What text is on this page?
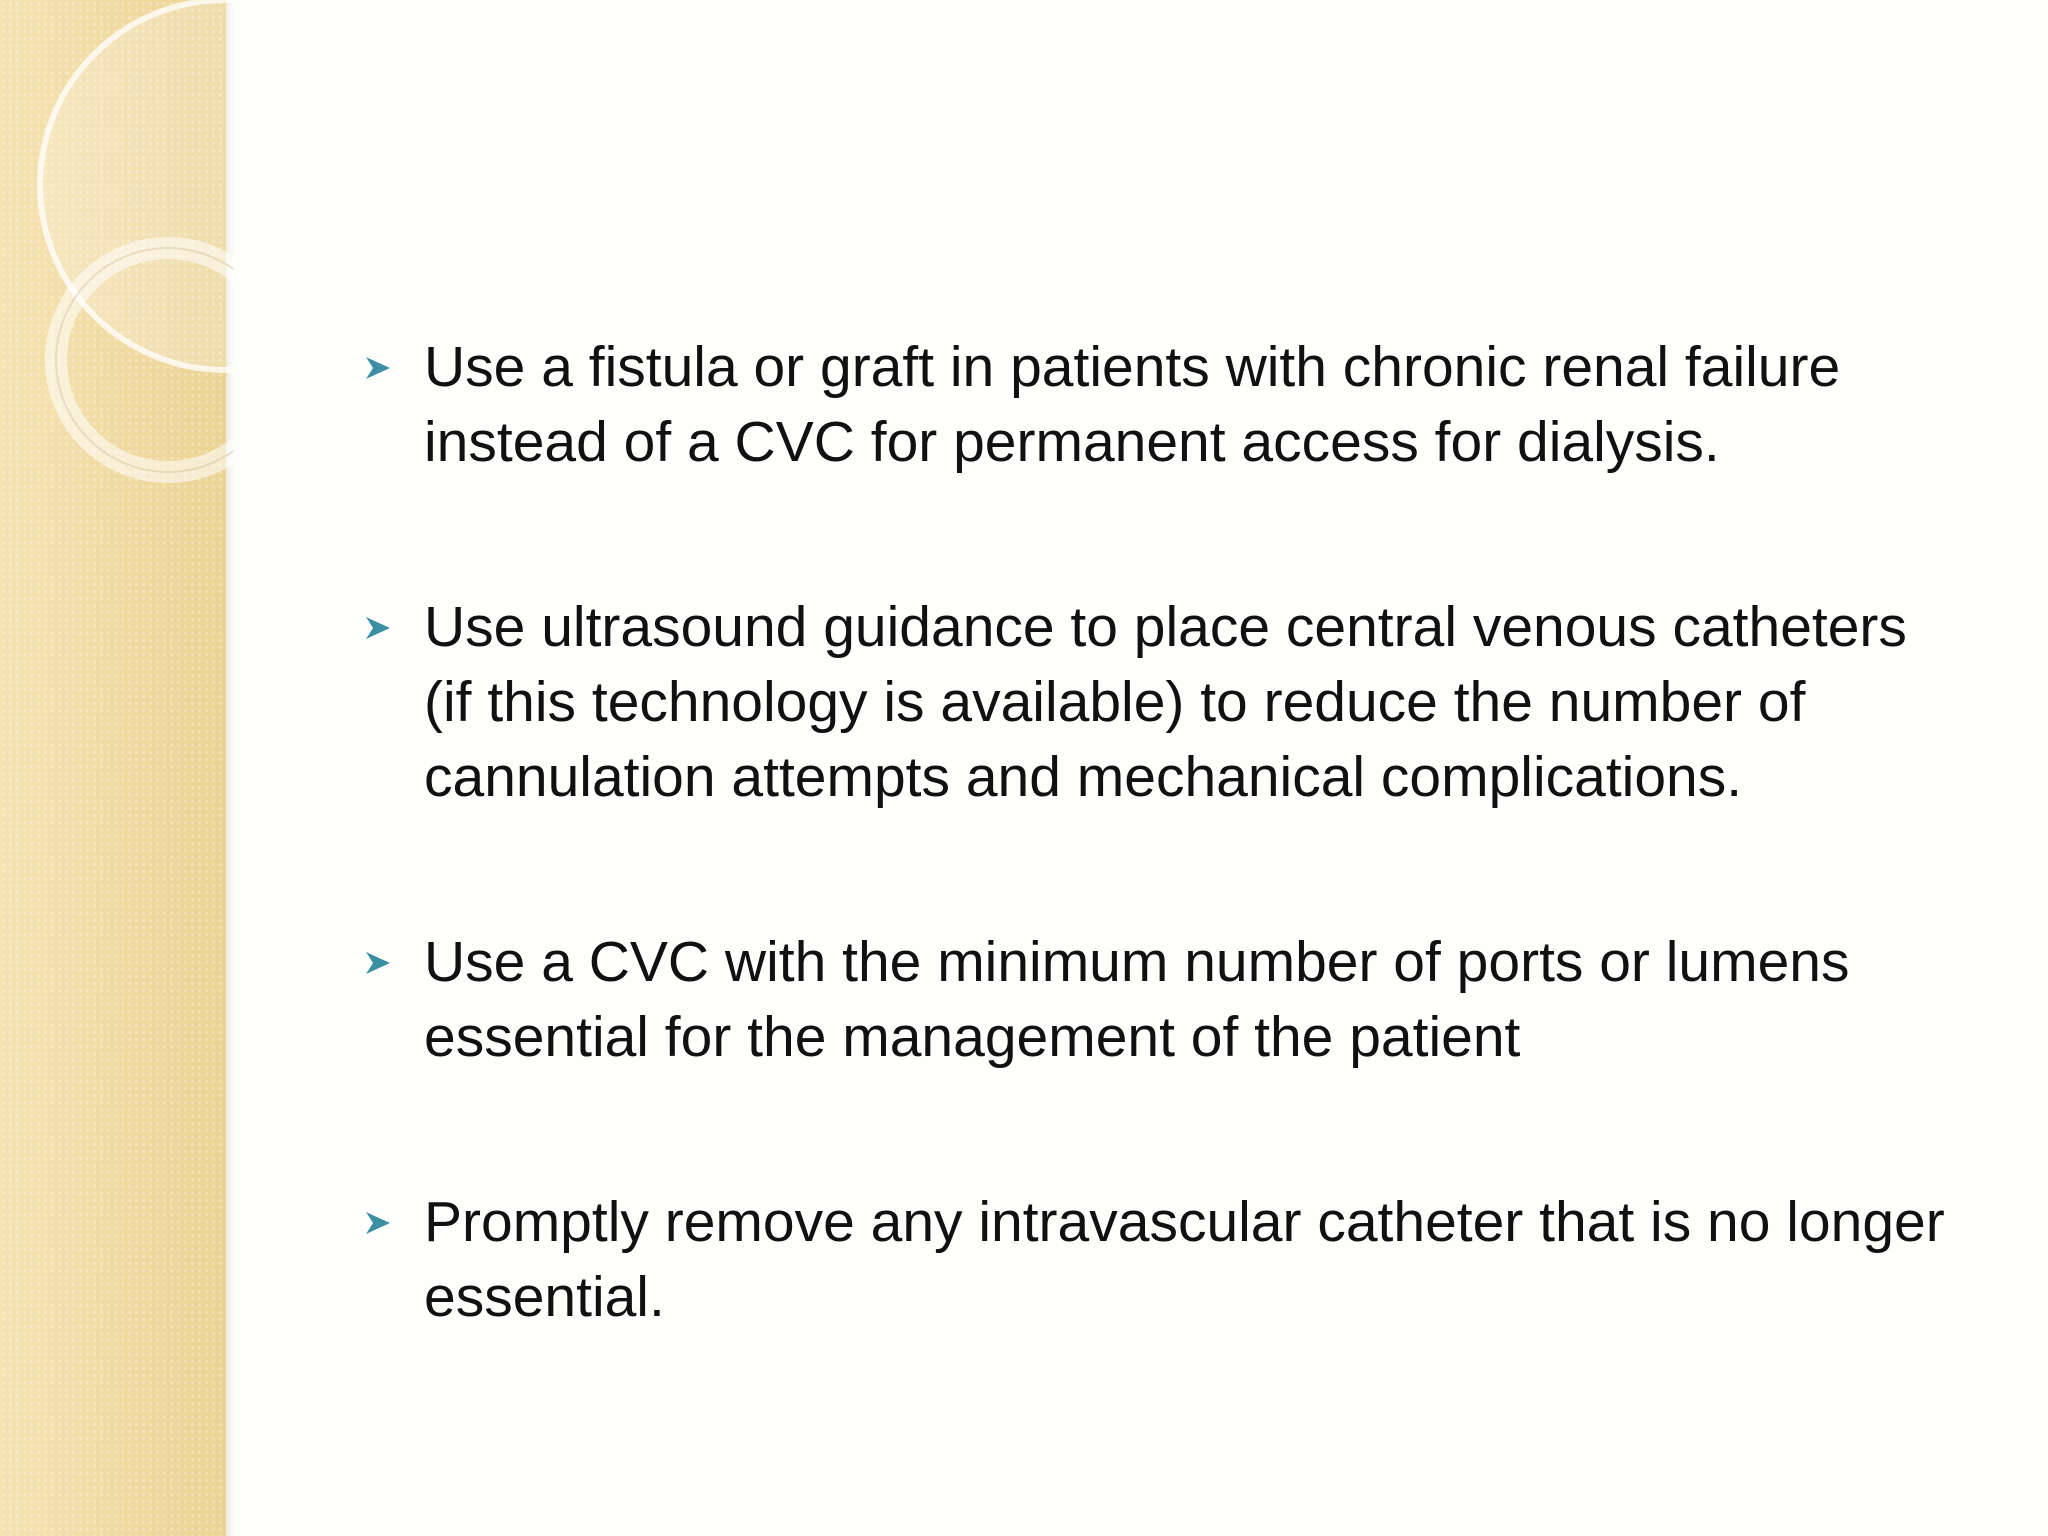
Use a fistula or graft in patients with chronic renal failure instead of a CVC for permanent access for dialysis.
Use ultrasound guidance to place central venous catheters (if this technology is available) to reduce the number of cannulation attempts and mechanical complications.
Use a CVC with the minimum number of ports or lumens essential for the management of the patient
Promptly remove any intravascular catheter that is no longer essential.
